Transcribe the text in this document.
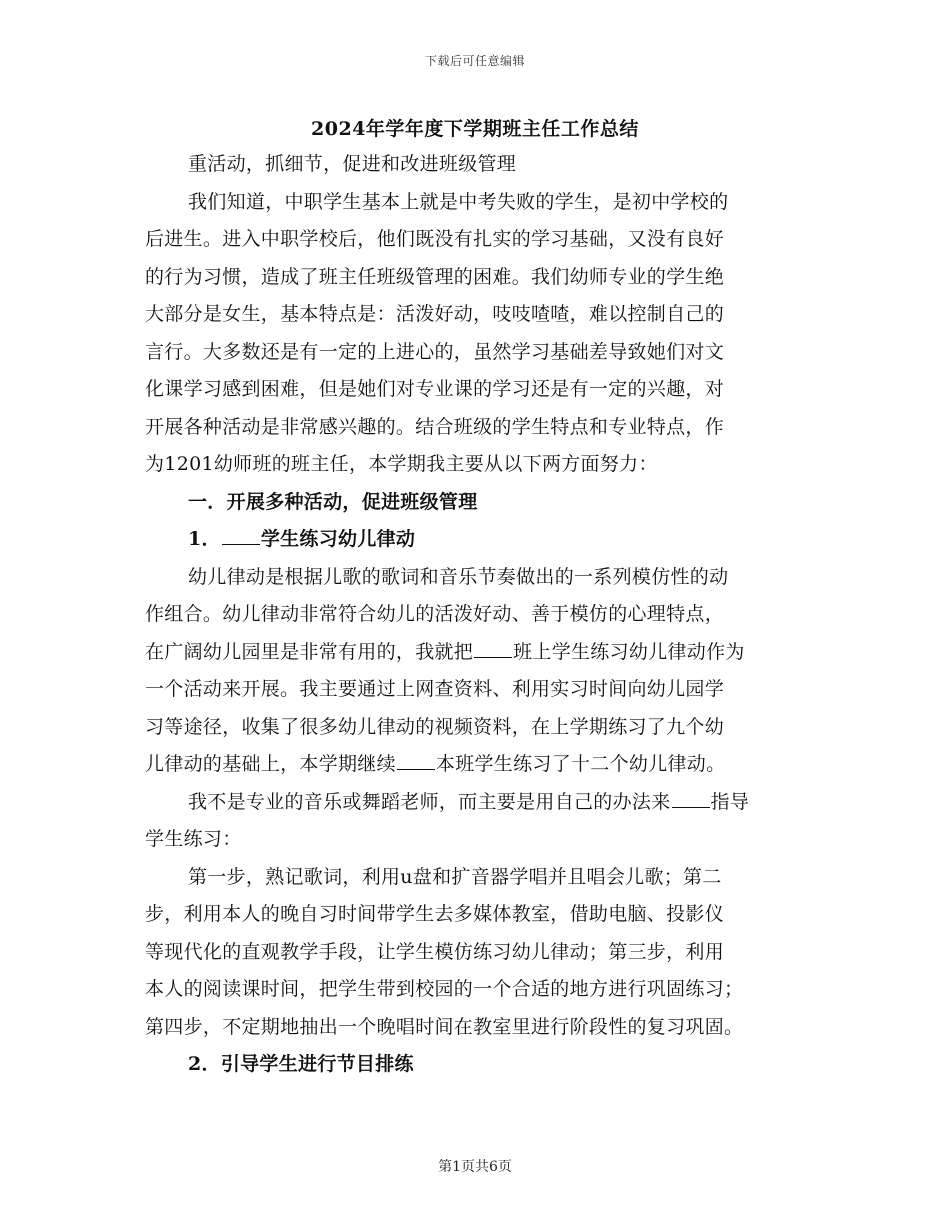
下载后可任意编辑

2024年学年度下学期班主任工作总结

重活动，抓细节，促进和改进班级管理

我们知道，中职学生基本上就是中考失败的学生，是初中学校的

后进生。进入中职学校后，他们既没有扎实的学习基础，又没有良好

的行为习惯，造成了班主任班级管理的困难。我们幼师专业的学生绝

大部分是女生，基本特点是：活泼好动，吱吱喳喳，难以控制自己的

言行。大多数还是有一定的上进心的，虽然学习基础差导致她们对文

化课学习感到困难，但是她们对专业课的学习还是有一定的兴趣，对

开展各种活动是非常感兴趣的。结合班级的学生特点和专业特点，作

为1201幼师班的班主任，本学期我主要从以下两方面努力：

一．开展多种活动，促进班级管理

1． 学生练习幼儿律动

幼儿律动是根据儿歌的歌词和音乐节奏做出的一系列模仿性的动

作组合。幼儿律动非常符合幼儿的活泼好动、善于模仿的心理特点，

在广阔幼儿园里是非常有用的，我就把 班上学生练习幼儿律动作为

一个活动来开展。我主要通过上网查资料、利用实习时间向幼儿园学

习等途径，收集了很多幼儿律动的视频资料，在上学期练习了九个幼

儿律动的基础上，本学期继续 本班学生练习了十二个幼儿律动。

我不是专业的音乐或舞蹈老师，而主要是用自己的办法来 指导

学生练习：

第一步，熟记歌词，利用u盘和扩音器学唱并且唱会儿歌；第二

步，利用本人的晚自习时间带学生去多媒体教室，借助电脑、投影仪

等现代化的直观教学手段，让学生模仿练习幼儿律动；第三步，利用

本人的阅读课时间，把学生带到校园的一个合适的地方进行巩固练习；

第四步，不定期地抽出一个晚唱时间在教室里进行阶段性的复习巩固。

2．引导学生进行节目排练

第1页共6页
